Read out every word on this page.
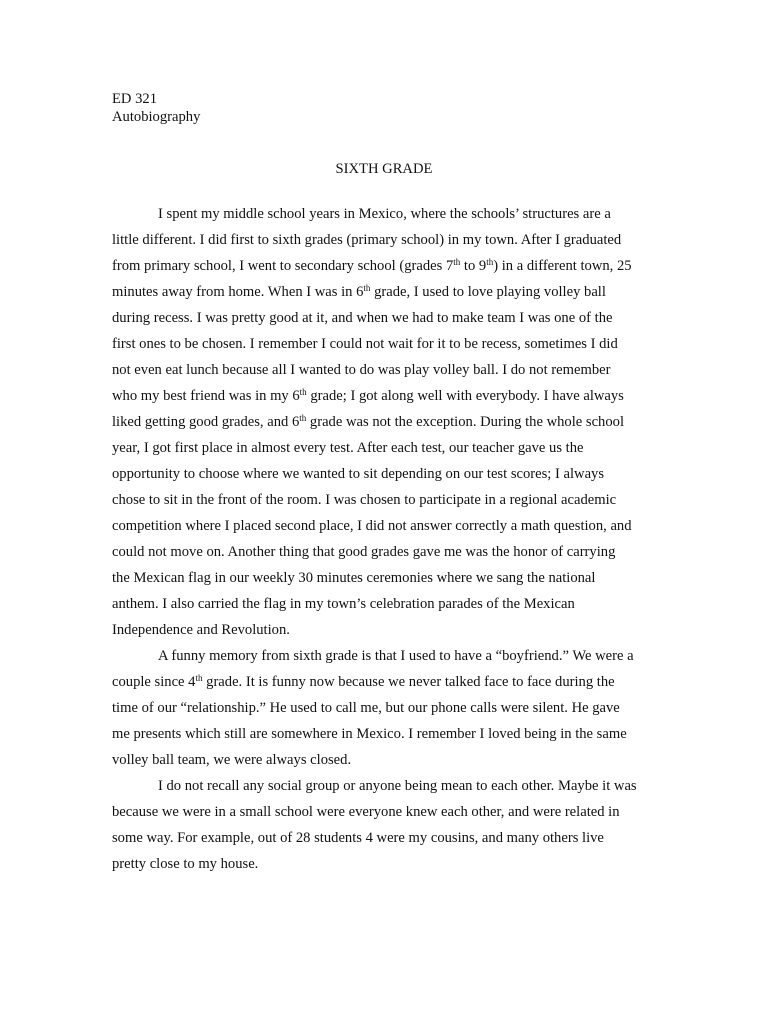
ED 321
Autobiography
SIXTH GRADE
I spent my middle school years in Mexico, where the schools’ structures are a
little different. I did first to sixth grades (primary school) in my town. After I graduated
from primary school, I went to secondary school (grades 7th to 9th) in a different town, 25
minutes away from home. When I was in 6th grade, I used to love playing volley ball
during recess. I was pretty good at it, and when we had to make team I was one of the
first ones to be chosen. I remember I could not wait for it to be recess, sometimes I did
not even eat lunch because all I wanted to do was play volley ball. I do not remember
who my best friend was in my 6th grade; I got along well with everybody. I have always
liked getting good grades, and 6th grade was not the exception. During the whole school
year, I got first place in almost every test. After each test, our teacher gave us the
opportunity to choose where we wanted to sit depending on our test scores; I always
chose to sit in the front of the room. I was chosen to participate in a regional academic
competition where I placed second place, I did not answer correctly a math question, and
could not move on. Another thing that good grades gave me was the honor of carrying
the Mexican flag in our weekly 30 minutes ceremonies where we sang the national
anthem. I also carried the flag in my town’s celebration parades of the Mexican
Independence and Revolution.
A funny memory from sixth grade is that I used to have a “boyfriend.” We were a
couple since 4th grade. It is funny now because we never talked face to face during the
time of our “relationship.” He used to call me, but our phone calls were silent. He gave
me presents which still are somewhere in Mexico. I remember I loved being in the same
volley ball team, we were always closed.
I do not recall any social group or anyone being mean to each other. Maybe it was
because we were in a small school were everyone knew each other, and were related in
some way. For example, out of 28 students 4 were my cousins, and many others live
pretty close to my house.
